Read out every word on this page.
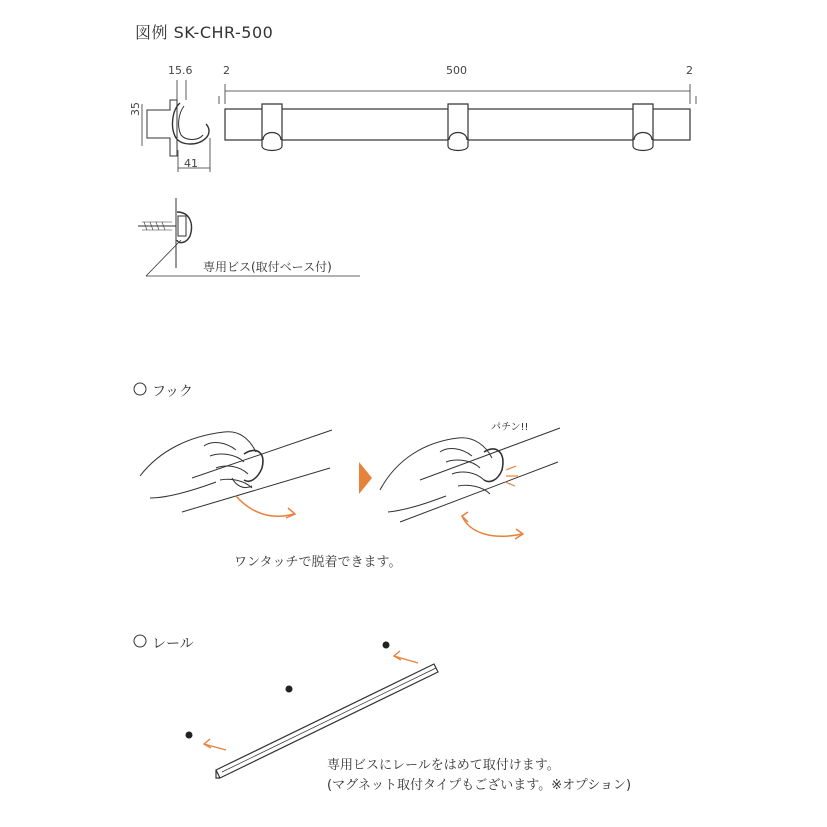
図例 SK-CHR-500
15.6
35
41
2	500	2
専用ビス(取付ベース付)
フック
パチン!!
ワンタッチで脱着できます。
レール
専用ビスにレールをはめて取付けます。
(マグネット取付タイプもございます。※オプション)
